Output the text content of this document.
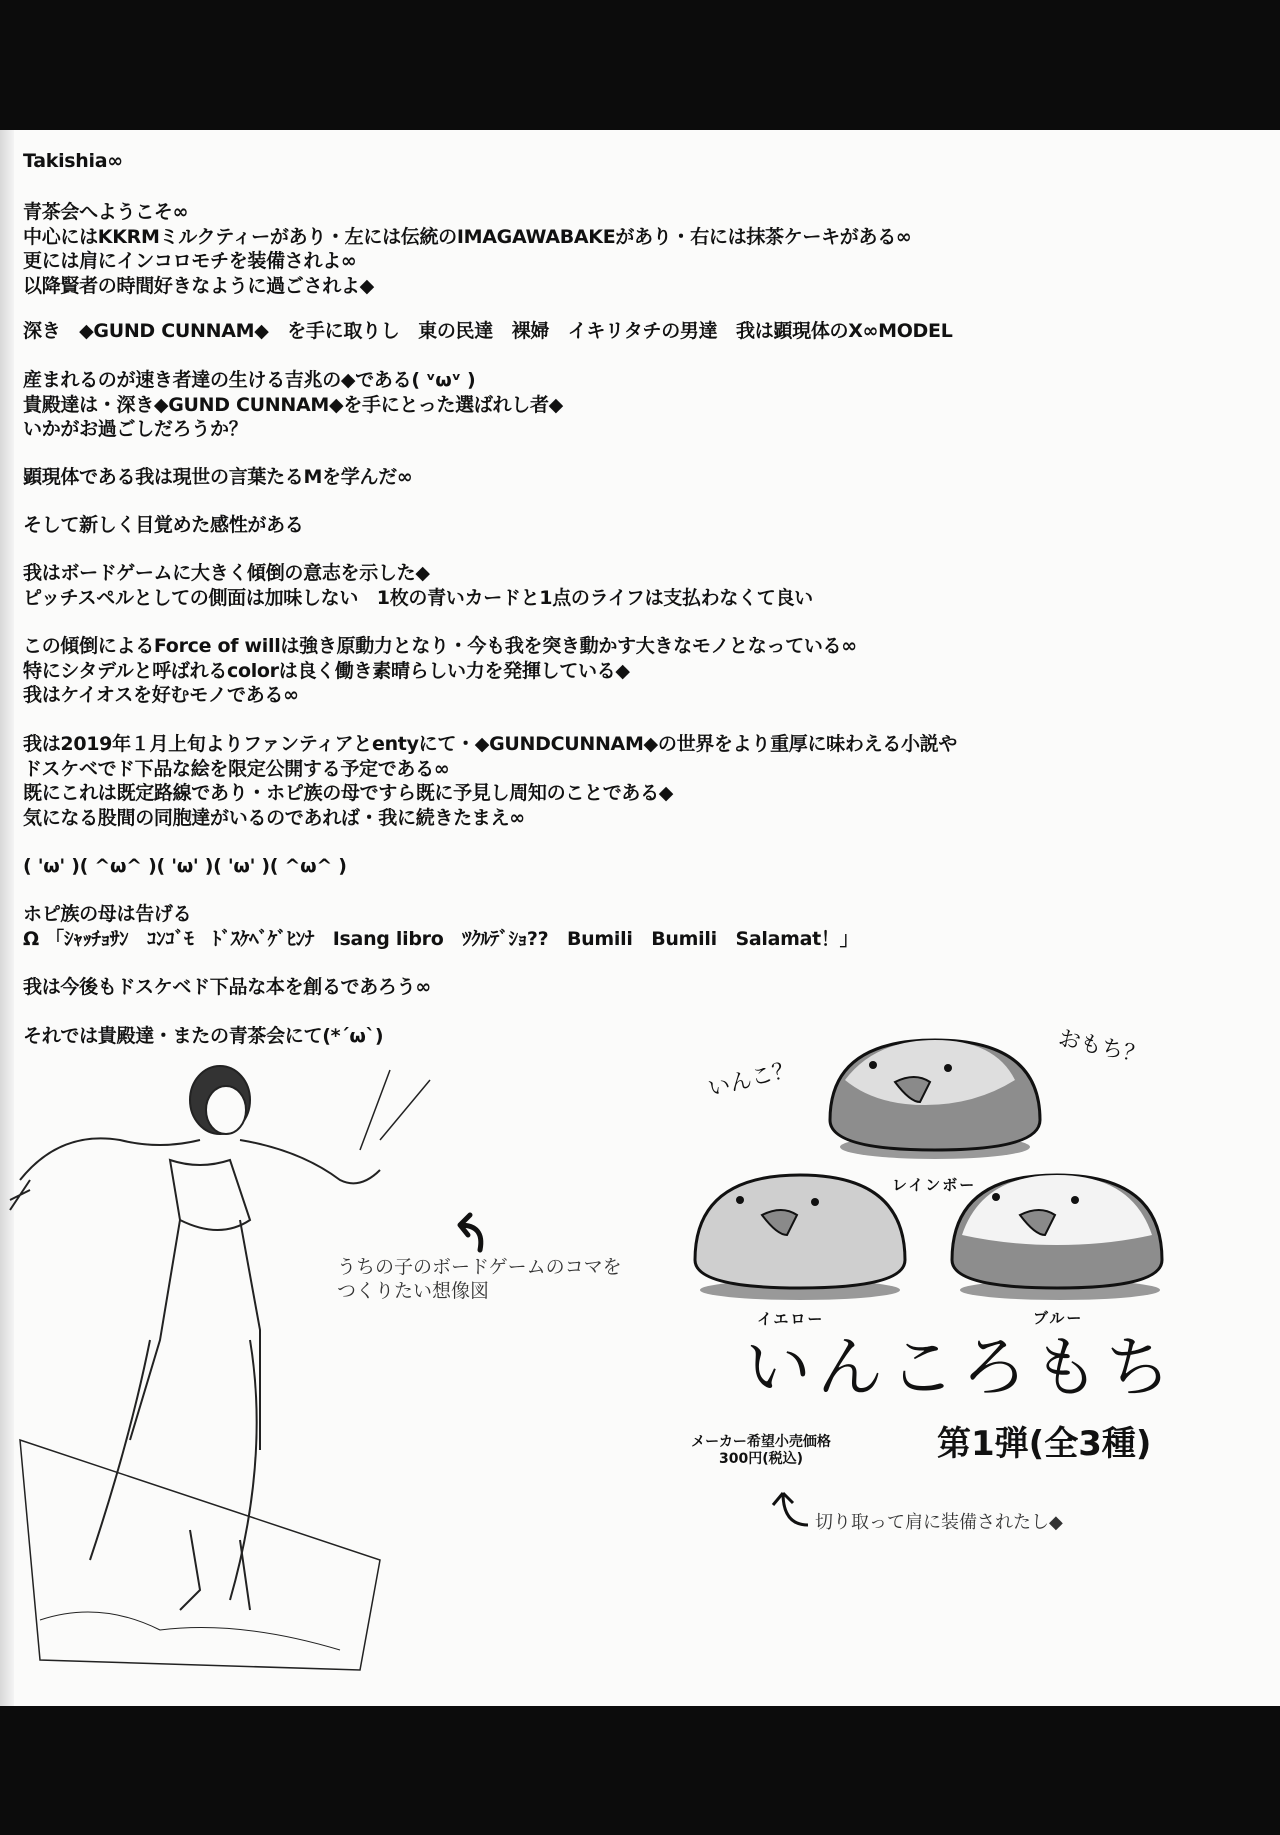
Takishia∞
青茶会へようこそ∞
中心にはKKRMミルクティーがあり・左には伝統のIMAGAWABAKEがあり・右には抹茶ケーキがある∞
更には肩にインコロモチを装備されよ∞
以降賢者の時間好きなように過ごされよ◆
深き　◆GUND CUNNAM◆　を手に取りし　東の民達　裸婦　イキリタチの男達　我は顕現体のX∞MODEL
産まれるのが速き者達の生ける吉兆の◆である( ᵛωᵛ )
貴殿達は・深き◆GUND CUNNAM◆を手にとった選ばれし者◆
いかがお過ごしだろうか？
顕現体である我は現世の言葉たるMを学んだ∞
そして新しく目覚めた感性がある
我はボードゲームに大きく傾倒の意志を示した◆
ピッチスペルとしての側面は加味しない　1枚の青いカードと1点のライフは支払わなくて良い
この傾倒によるForce of willは強き原動力となり・今も我を突き動かす大きなモノとなっている∞
特にシタデルと呼ばれるcolorは良く働き素晴らしい力を発揮している◆
我はケイオスを好むモノである∞
我は2019年１月上旬よりファンティアとentyにて・◆GUNDCUNNAM◆の世界をより重厚に味わえる小説や
ドスケベでド下品な絵を限定公開する予定である∞
既にこれは既定路線であり・ホピ族の母ですら既に予見し周知のことである◆
気になる股間の同胞達がいるのであれば・我に続きたまえ∞
( 'ω' )( ^ω^ )( 'ω' )( 'ω' )( ^ω^ )
ホピ族の母は告げる
Ω 「ｼｬｯﾁｮｻﾝ　ｺﾝｺﾞﾓ　ﾄﾞｽｹﾍﾞｹﾞﾋﾝﾅ　Isang libro　ﾂｸﾙﾃﾞｼｮ??　Bumili　Bumili　Salamat！」
我は今後もドスケベド下品な本を創るであろう∞
それでは貴殿達・またの青茶会にて(*´ω`)
うちの子のボードゲームのコマを
つくりたい想像図
いんこ？
おもち？
レインボー
イエロー	ブルー
いんころもち
メーカー希望小売価格
300円(税込)	第1弾(全3種)
切り取って肩に装備されたし◆
